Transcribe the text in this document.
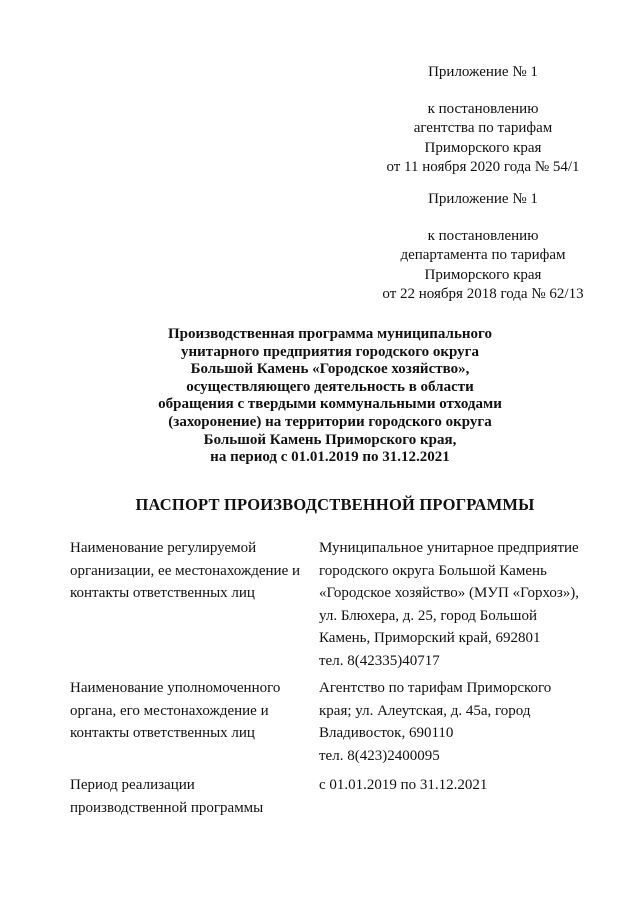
Приложение № 1
к постановлению
агентства по тарифам
Приморского края
от 11 ноября 2020 года № 54/1
Приложение № 1
к постановлению
департамента по тарифам
Приморского края
от 22 ноября 2018 года № 62/13
Производственная программа муниципального
унитарного предприятия городского округа
Большой Камень «Городское хозяйство»,
осуществляющего деятельность в области
обращения с твердыми коммунальными отходами
(захоронение) на территории городского округа
Большой Камень Приморского края,
на период с 01.01.2019 по 31.12.2021
ПАСПОРТ ПРОИЗВОДСТВЕННОЙ ПРОГРАММЫ
Наименование регулируемой
организации, ее местонахождение и
контакты ответственных лиц
Муниципальное унитарное предприятие
городского округа Большой Камень
«Городское хозяйство» (МУП «Горхоз»),
ул. Блюхера, д. 25, город Большой
Камень, Приморский край, 692801
тел. 8(42335)40717
Наименование уполномоченного
органа, его местонахождение и
контакты ответственных лиц
Агентство по тарифам Приморского
края; ул. Алеутская, д. 45а, город
Владивосток, 690110
тел. 8(423)2400095
Период реализации
производственной программы
с 01.01.2019 по 31.12.2021
